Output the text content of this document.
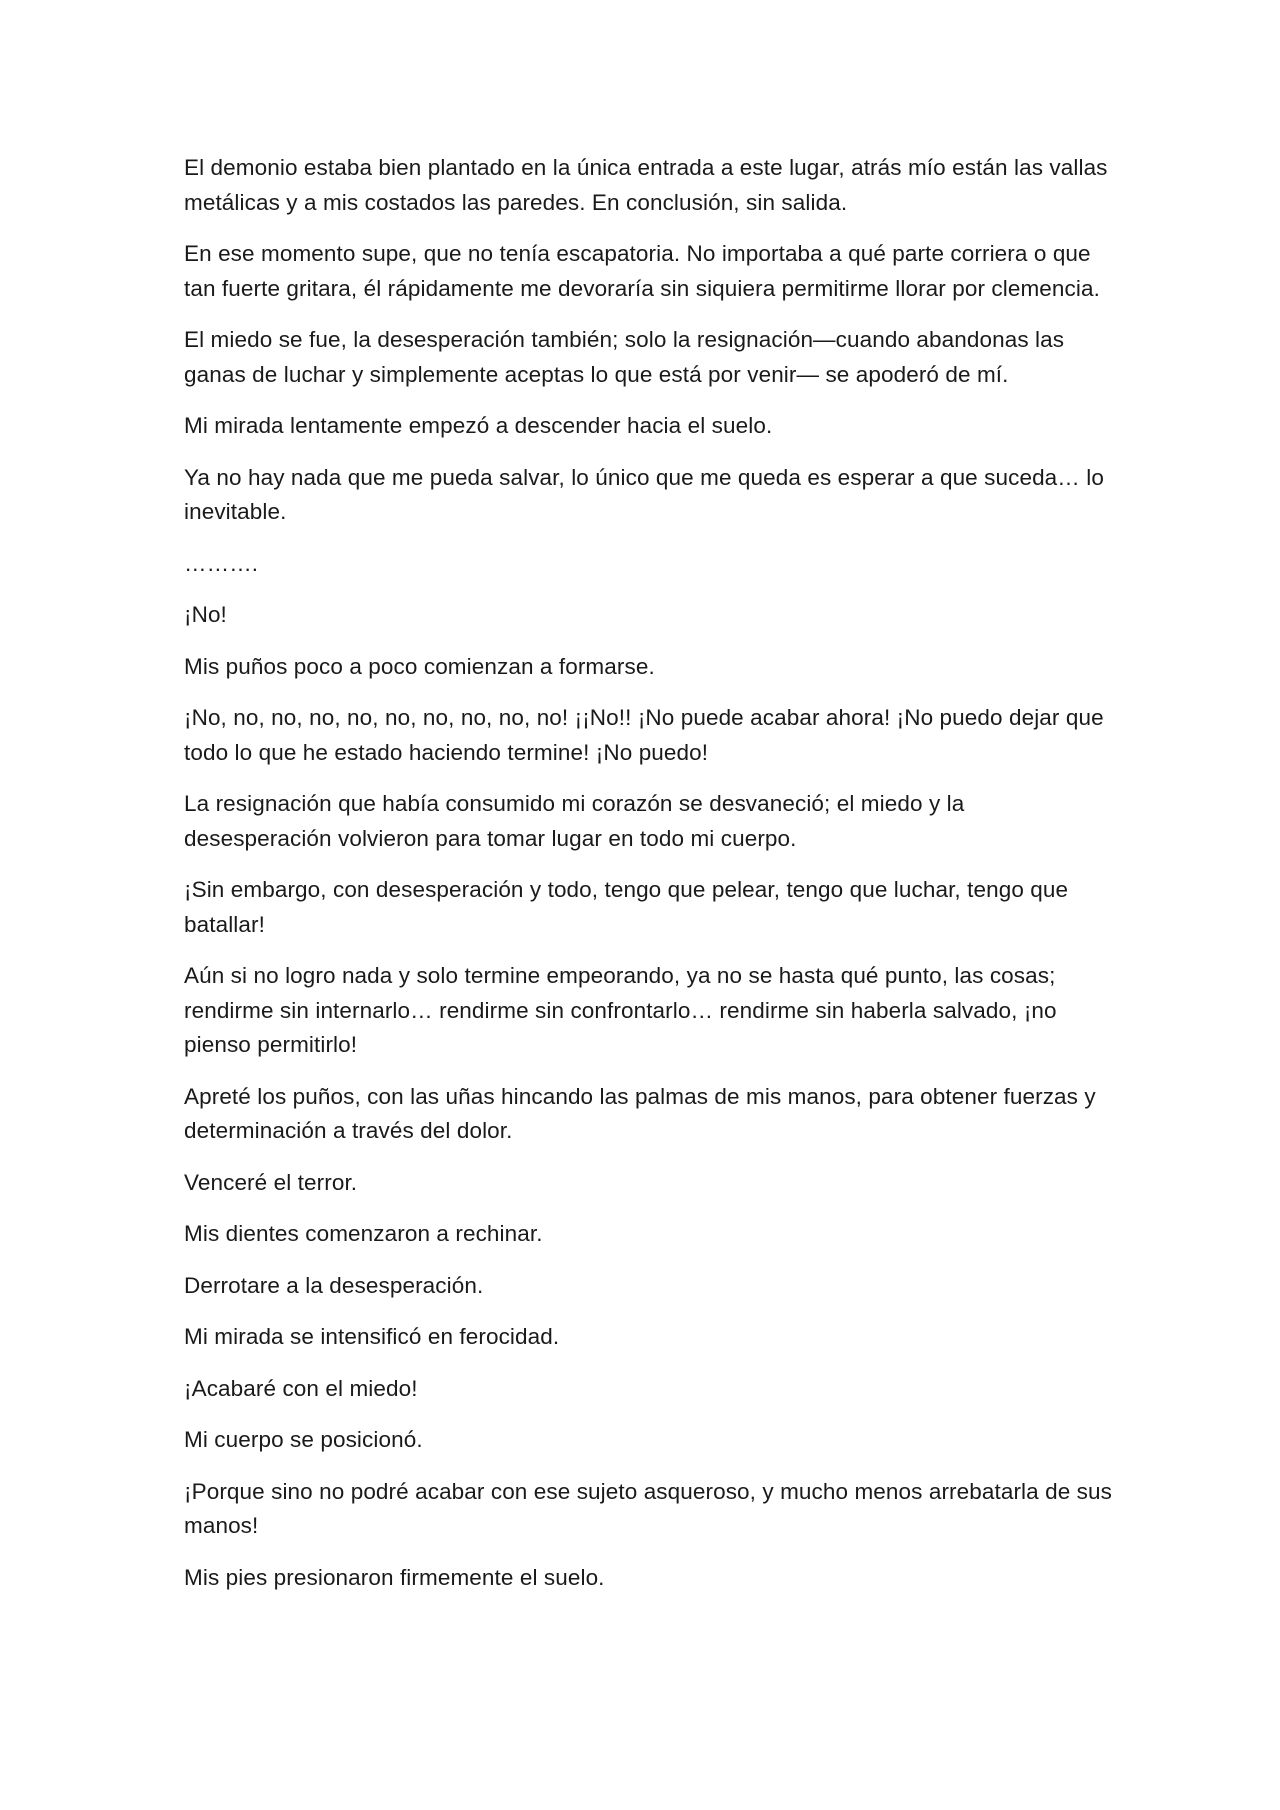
El demonio estaba bien plantado en la única entrada a este lugar, atrás mío están las vallas metálicas y a mis costados las paredes. En conclusión, sin salida.

En ese momento supe, que no tenía escapatoria. No importaba a qué parte corriera o que tan fuerte gritara, él rápidamente me devoraría sin siquiera permitirme llorar por clemencia.

El miedo se fue, la desesperación también; solo la resignación—cuando abandonas las ganas de luchar y simplemente aceptas lo que está por venir— se apoderó de mí.

Mi mirada lentamente empezó a descender hacia el suelo.

Ya no hay nada que me pueda salvar, lo único que me queda es esperar a que suceda… lo inevitable.

……….

¡No!

Mis puños poco a poco comienzan a formarse.

¡No, no, no, no, no, no, no, no, no, no! ¡¡No!! ¡No puede acabar ahora! ¡No puedo dejar que todo lo que he estado haciendo termine! ¡No puedo!

La resignación que había consumido mi corazón se desvaneció; el miedo y la desesperación volvieron para tomar lugar en todo mi cuerpo.

¡Sin embargo, con desesperación y todo, tengo que pelear, tengo que luchar, tengo que batallar!

Aún si no logro nada y solo termine empeorando, ya no se hasta qué punto, las cosas; rendirme sin internarlo… rendirme sin confrontarlo… rendirme sin haberla salvado, ¡no pienso permitirlo!

Apreté los puños, con las uñas hincando las palmas de mis manos, para obtener fuerzas y determinación a través del dolor.

Venceré el terror.

Mis dientes comenzaron a rechinar.

Derrotare a la desesperación.

Mi mirada se intensificó en ferocidad.

¡Acabaré con el miedo!

Mi cuerpo se posicionó.

¡Porque sino no podré acabar con ese sujeto asqueroso, y mucho menos arrebatarla de sus manos!

Mis pies presionaron firmemente el suelo.
